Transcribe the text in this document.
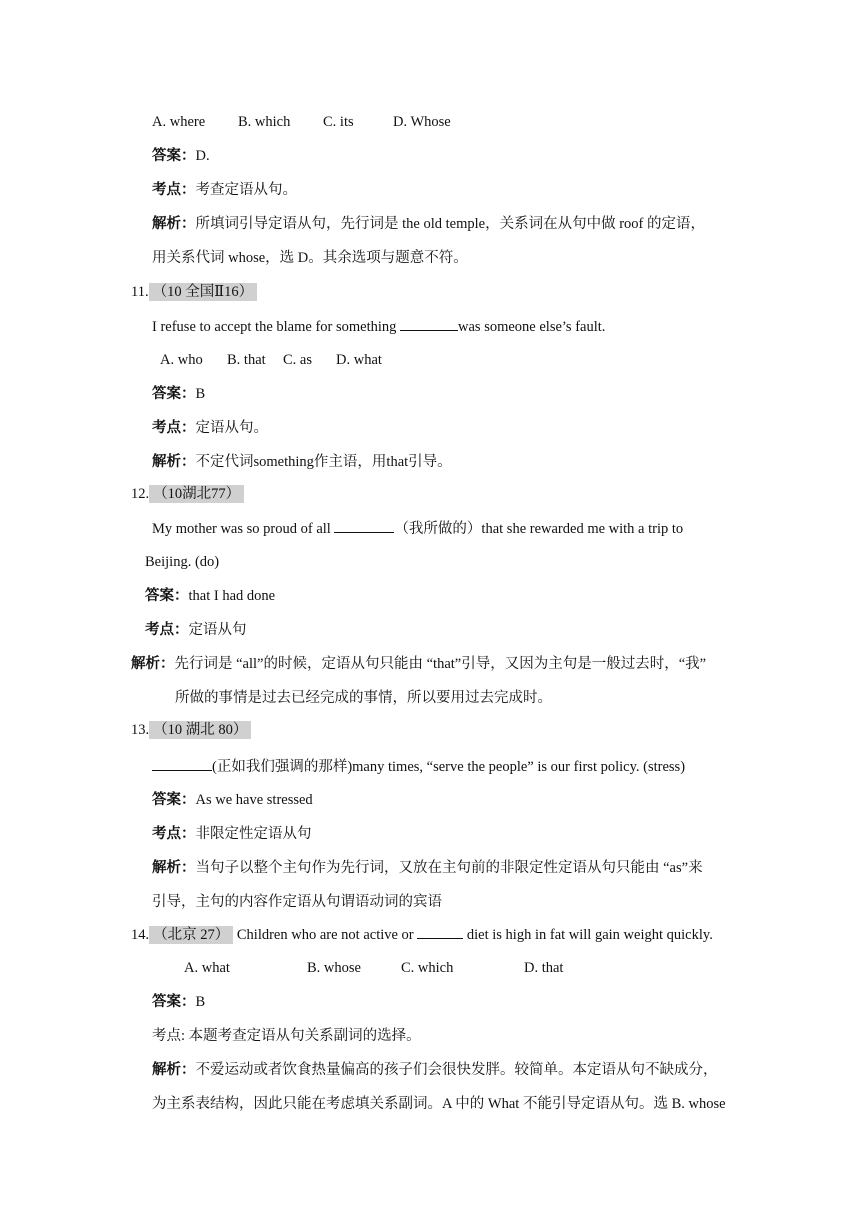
A. where B. which C. its	D. Whose
答案：D.
考点：考查定语从句。
解析：所填词引导定语从句，先行词是 the old temple，关系词在从句中做 roof 的定语，
用关系代词 whose，选 D。其余选项与题意不符。
11. （10 全国Ⅱ16）
I refuse to accept the blame for something	was someone else’s fault.
A. who B. that C. as D. what
答案：B
考点：定语从句。
解析：不定代词something作主语，用that引导。
12. （10湖北77）
My mother was so proud of all	（我所做的）that she rewarded me with a trip to
Beijing. (do)
答案：that I had done
考点：定语从句
解析：先行词是 “all”的时候，定语从句只能由 “that”引导，又因为主句是一般过去时，“我”
所做的事情是过去已经完成的事情，所以要用过去完成时。
13. （10 湖北 80）
(正如我们强调的那样)many times, “serve the people” is our first policy. (stress)
答案：As we have stressed
考点：非限定性定语从句
解析：当句子以整个主句作为先行词，又放在主句前的非限定性定语从句只能由 “as”来
引导，主句的内容作定语从句谓语动词的宾语
14. （北京 27） Children who are not active or	diet is high in fat will gain weight quickly.
A. what	B. whose	C. which	D. that
答案：B
考点: 本题考查定语从句关系副词的选择。
解析：不爱运动或者饮食热量偏高的孩子们会很快发胖。较简单。本定语从句不缺成分，
为主系表结构，因此只能在考虑填关系副词。A 中的 What 不能引导定语从句。选 B. whose
